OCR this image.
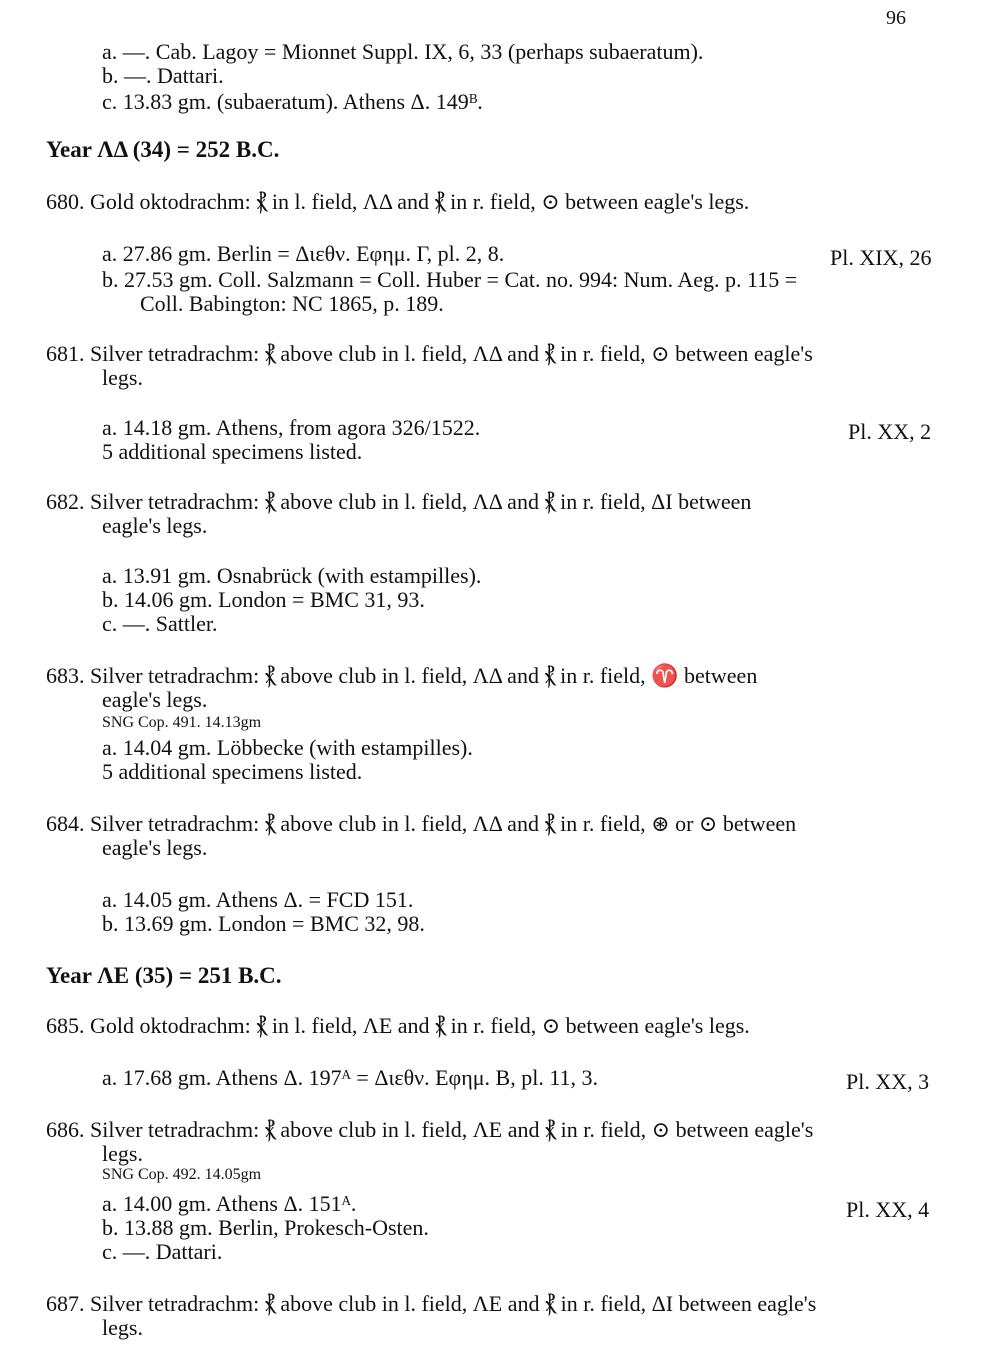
96
a. —. Cab. Lagoy = Mionnet Suppl. IX, 6, 33 (perhaps subaeratum).
b. —. Dattari.
c. 13.83 gm. (subaeratum). Athens Δ. 149ᴮ.
Year ΛΔ (34) = 252 B.C.
680. Gold oktodrachm: ⳩ in l. field, ΛΔ and ⳩ in r. field, ⊙ between eagle's legs.
a. 27.86 gm. Berlin = Διεθν. Εφημ. Γ, pl. 2, 8.	Pl. XIX, 26
b. 27.53 gm. Coll. Salzmann = Coll. Huber = Cat. no. 994: Num. Aeg. p. 115 =
Coll. Babington: NC 1865, p. 189.
681. Silver tetradrachm: ⳩ above club in l. field, ΛΔ and ⳩ in r. field, ⊙ between eagle's
legs.
a. 14.18 gm. Athens, from agora 326/1522.	Pl. XX, 2
5 additional specimens listed.
682. Silver tetradrachm: ⳩ above club in l. field, ΛΔ and ⳩ in r. field, ΔΙ between
eagle's legs.
a. 13.91 gm. Osnabrück (with estampilles).
b. 14.06 gm. London = BMC 31, 93.
c. —. Sattler.
683. Silver tetradrachm: ⳩ above club in l. field, ΛΔ and ⳩ in r. field, ♈ between
eagle's legs.
SNG Cop. 491. 14.13gm
a. 14.04 gm. Löbbecke (with estampilles).
5 additional specimens listed.
684. Silver tetradrachm: ⳩ above club in l. field, ΛΔ and ⳩ in r. field, ⊛ or ⊙ between
eagle's legs.
a. 14.05 gm. Athens Δ. = FCD 151.
b. 13.69 gm. London = BMC 32, 98.
Year ΛΕ (35) = 251 B.C.
685. Gold oktodrachm: ⳩ in l. field, ΛΕ and ⳩ in r. field, ⊙ between eagle's legs.
a. 17.68 gm. Athens Δ. 197ᴬ = Διεθν. Εφημ. Β, pl. 11, 3.	Pl. XX, 3
686. Silver tetradrachm: ⳩ above club in l. field, ΛΕ and ⳩ in r. field, ⊙ between eagle's
legs.
SNG Cop. 492. 14.05gm
a. 14.00 gm. Athens Δ. 151ᴬ.	Pl. XX, 4
b. 13.88 gm. Berlin, Prokesch-Osten.
c. —. Dattari.
687. Silver tetradrachm: ⳩ above club in l. field, ΛΕ and ⳩ in r. field, ΔΙ between eagle's
legs.
